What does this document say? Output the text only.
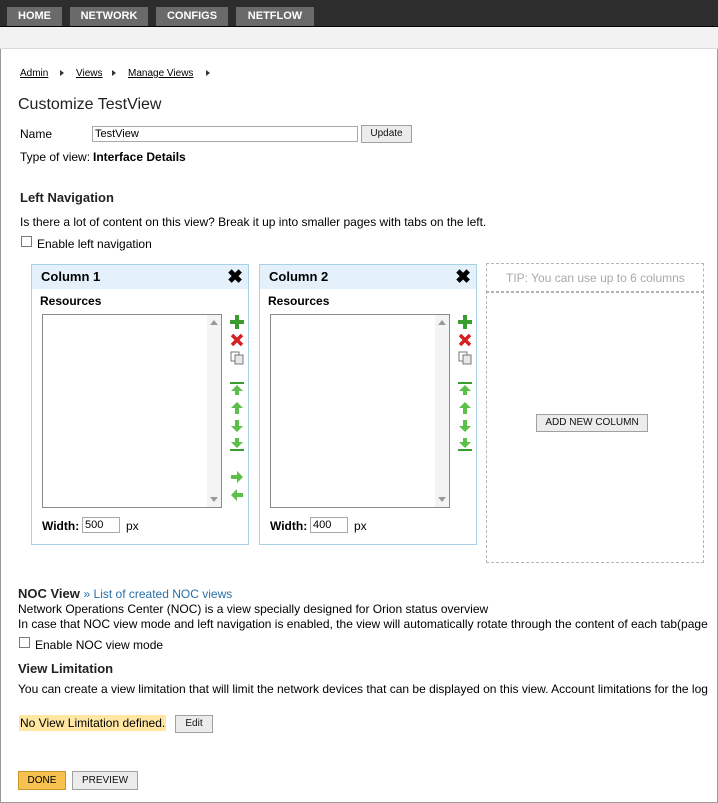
HOME	NETWORK	CONFIGS	NETFLOW
Admin	Views	Manage Views
Customize TestView
Name
TestView	Update
Type of view: Interface Details
Left Navigation
Is there a lot of content on this view? Break it up into smaller pages with tabs on the left.
Enable left navigation
Column 1	✖
Resources
Width:
500	px
Column 2	✖
Resources
Width:
400	px
TIP: You can use up to 6 columns
ADD NEW COLUMN
NOC View » List of created NOC views
Network Operations Center (NOC) is a view specially designed for Orion status overview
In case that NOC view mode and left navigation is enabled, the view will automatically rotate through the content of each tab(page
Enable NOC view mode
View Limitation
You can create a view limitation that will limit the network devices that can be displayed on this view. Account limitations for the log
No View Limitation defined.	Edit
DONE	PREVIEW
